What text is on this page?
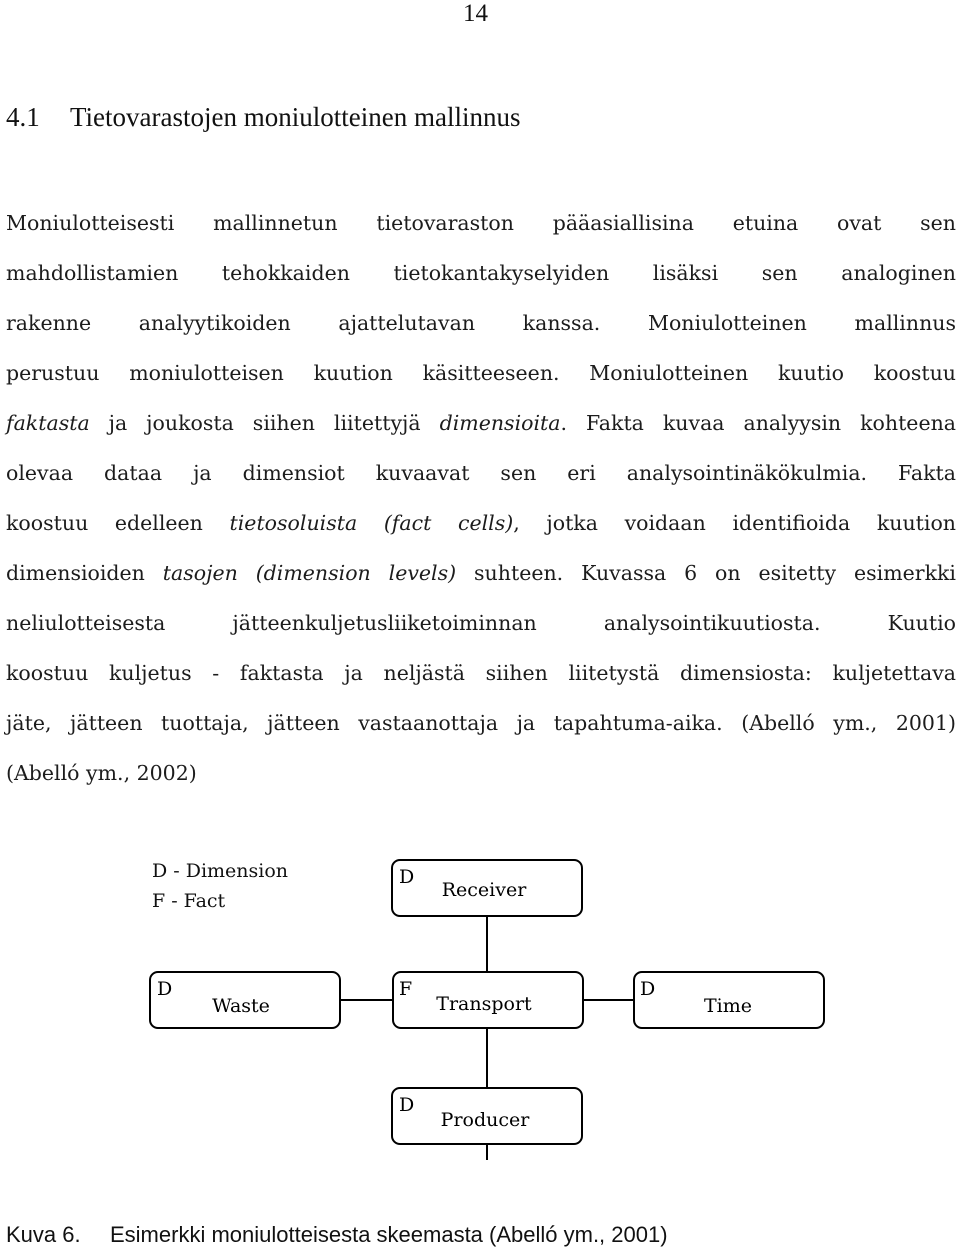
14
4.1 Tietovarastojen moniulotteinen mallinnus
Moniulotteisesti mallinnetun tietovaraston pääasiallisina etuina ovat sen
mahdollistamien tehokkaiden tietokantakyselyiden lisäksi sen analoginen
rakenne analyytikoiden ajattelutavan kanssa. Moniulotteinen mallinnus
perustuu moniulotteisen kuution käsitteeseen. Moniulotteinen kuutio koostuu
faktasta ja joukosta siihen liitettyjä dimensioita. Fakta kuvaa analyysin kohteena
olevaa dataa ja dimensiot kuvaavat sen eri analysointinäkökulmia. Fakta
koostuu edelleen tietosoluista (fact cells), jotka voidaan identifioida kuution
dimensioiden tasojen (dimension levels) suhteen. Kuvassa 6 on esitetty esimerkki
neliulotteisesta jätteenkuljetusliiketoiminnan analysointikuutiosta. Kuutio
koostuu kuljetus - faktasta ja neljästä siihen liitetystä dimensiosta: kuljetettava
jäte, jätteen tuottaja, jätteen vastaanottaja ja tapahtuma-aika. (Abelló ym., 2001)
(Abelló ym., 2002)
D - Dimension
F - Fact
D
Receiver
D
Waste
F
Transport
D
Time
D
Producer
Kuva 6. Esimerkki moniulotteisesta skeemasta (Abelló ym., 2001)
